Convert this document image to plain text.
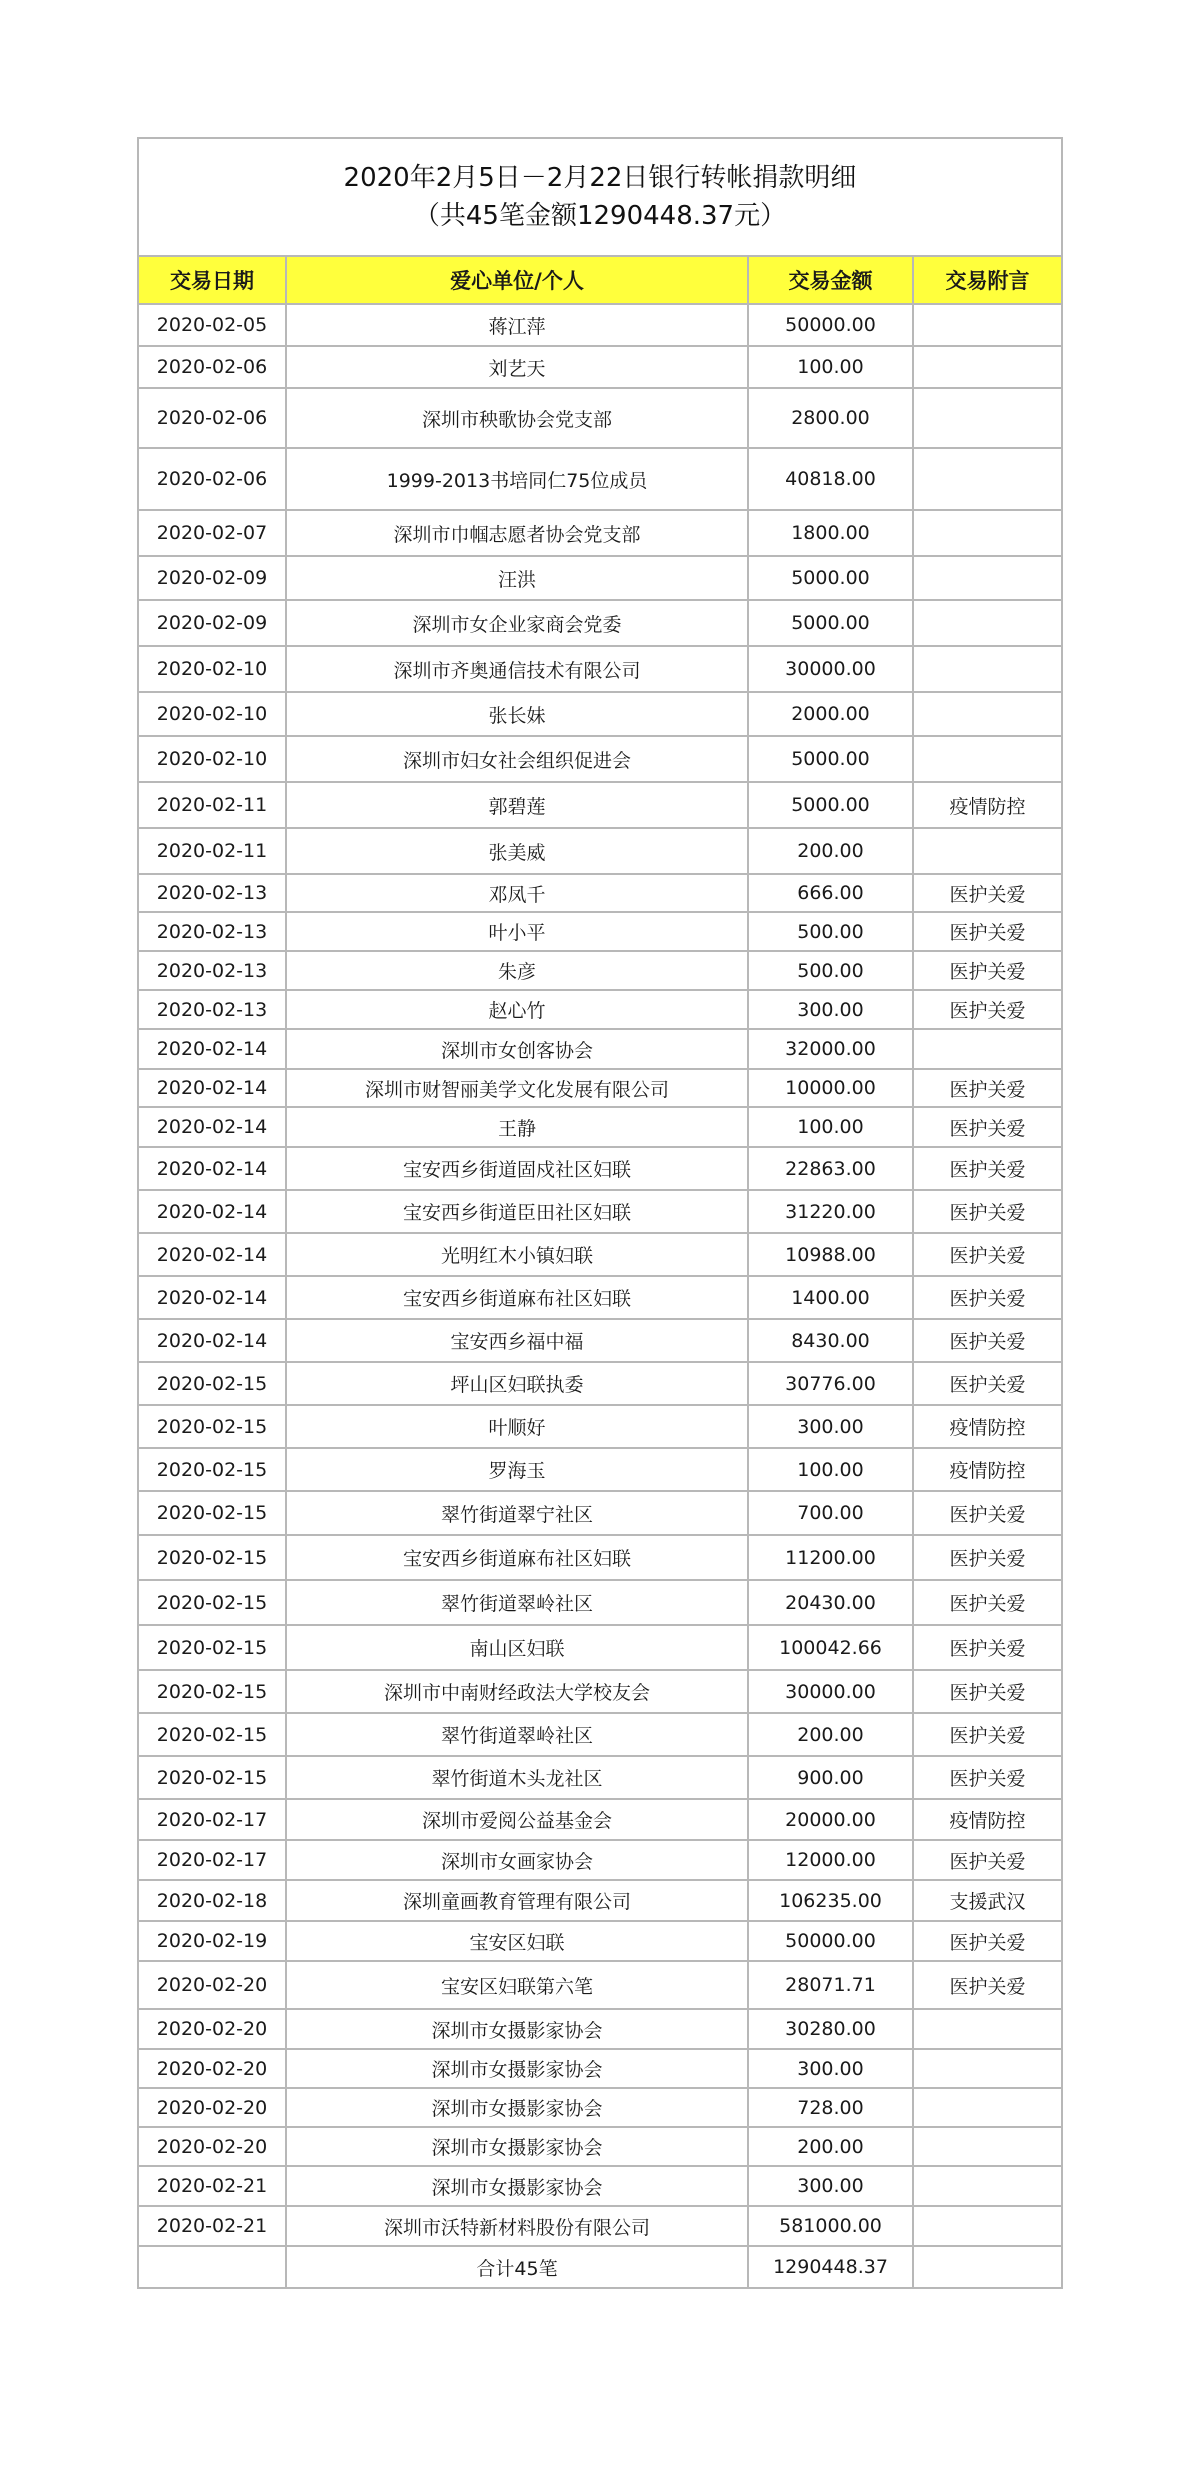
2020年2月5日－2月22日银行转帐捐款明细
（共45笔金额1290448.37元）
交易日期	爱心单位/个人	交易金额	交易附言
2020-02-05	蒋江萍	50000.00	
2020-02-06	刘艺天	100.00	
2020-02-06	深圳市秧歌协会党支部	2800.00	
2020-02-06	1999-2013书培同仁75位成员	40818.00	
2020-02-07	深圳市巾帼志愿者协会党支部	1800.00	
2020-02-09	汪洪	5000.00	
2020-02-09	深圳市女企业家商会党委	5000.00	
2020-02-10	深圳市齐奥通信技术有限公司	30000.00	
2020-02-10	张长妹	2000.00	
2020-02-10	深圳市妇女社会组织促进会	5000.00	
2020-02-11	郭碧莲	5000.00	疫情防控
2020-02-11	张美威	200.00	
2020-02-13	邓凤千	666.00	医护关爱
2020-02-13	叶小平	500.00	医护关爱
2020-02-13	朱彦	500.00	医护关爱
2020-02-13	赵心竹	300.00	医护关爱
2020-02-14	深圳市女创客协会	32000.00	
2020-02-14	深圳市财智丽美学文化发展有限公司	10000.00	医护关爱
2020-02-14	王静	100.00	医护关爱
2020-02-14	宝安西乡街道固戍社区妇联	22863.00	医护关爱
2020-02-14	宝安西乡街道臣田社区妇联	31220.00	医护关爱
2020-02-14	光明红木小镇妇联	10988.00	医护关爱
2020-02-14	宝安西乡街道麻布社区妇联	1400.00	医护关爱
2020-02-14	宝安西乡福中福	8430.00	医护关爱
2020-02-15	坪山区妇联执委	30776.00	医护关爱
2020-02-15	叶顺好	300.00	疫情防控
2020-02-15	罗海玉	100.00	疫情防控
2020-02-15	翠竹街道翠宁社区	700.00	医护关爱
2020-02-15	宝安西乡街道麻布社区妇联	11200.00	医护关爱
2020-02-15	翠竹街道翠岭社区	20430.00	医护关爱
2020-02-15	南山区妇联	100042.66	医护关爱
2020-02-15	深圳市中南财经政法大学校友会	30000.00	医护关爱
2020-02-15	翠竹街道翠岭社区	200.00	医护关爱
2020-02-15	翠竹街道木头龙社区	900.00	医护关爱
2020-02-17	深圳市爱阅公益基金会	20000.00	疫情防控
2020-02-17	深圳市女画家协会	12000.00	医护关爱
2020-02-18	深圳童画教育管理有限公司	106235.00	支援武汉
2020-02-19	宝安区妇联	50000.00	医护关爱
2020-02-20	宝安区妇联第六笔	28071.71	医护关爱
2020-02-20	深圳市女摄影家协会	30280.00	
2020-02-20	深圳市女摄影家协会	300.00	
2020-02-20	深圳市女摄影家协会	728.00	
2020-02-20	深圳市女摄影家协会	200.00	
2020-02-21	深圳市女摄影家协会	300.00	
2020-02-21	深圳市沃特新材料股份有限公司	581000.00	
	合计45笔	1290448.37	
